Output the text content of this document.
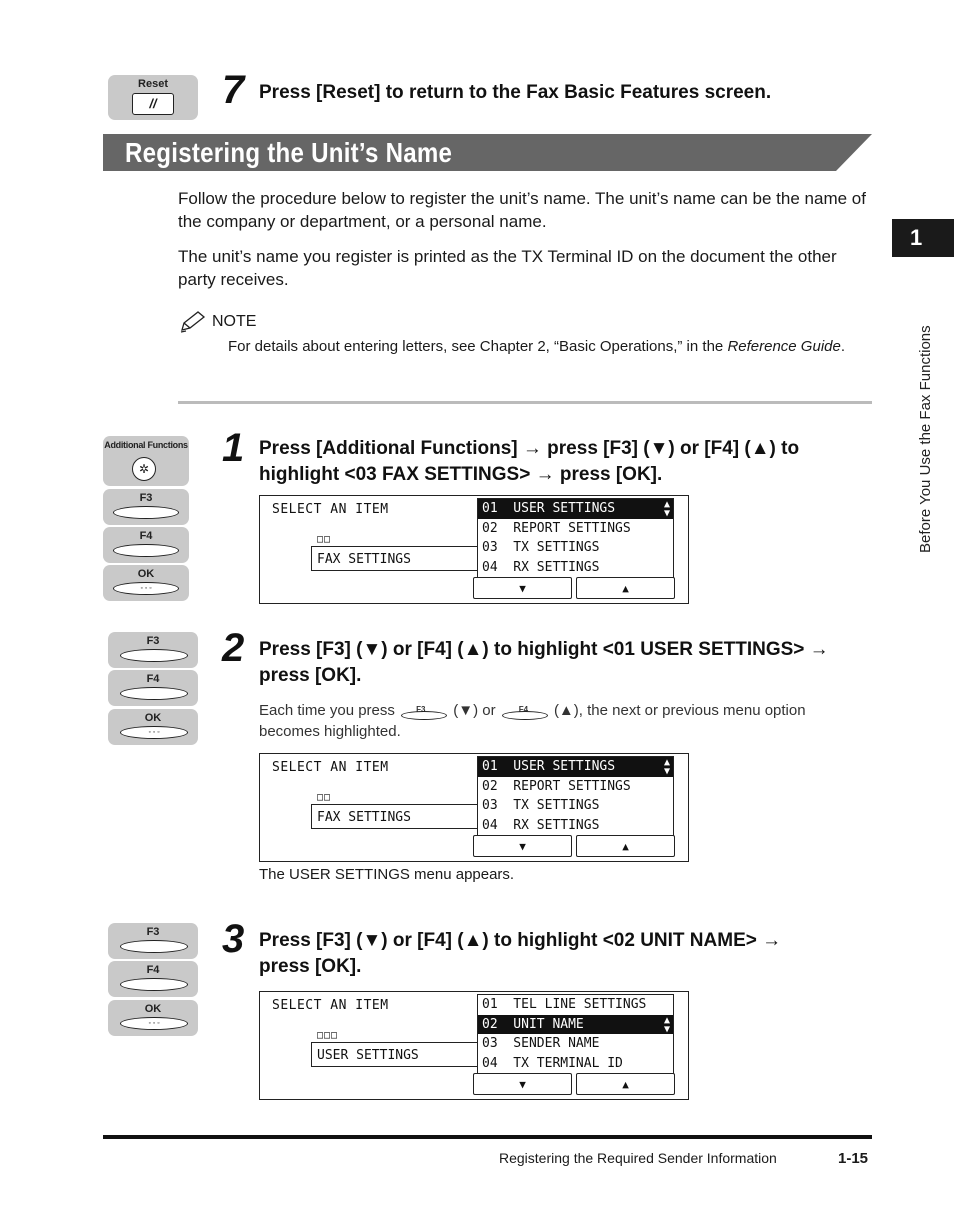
Reset
//	7 Press [Reset] to return to the Fax Basic Features screen.
Registering the Unit’s Name
Follow the procedure below to register the unit’s name. The unit’s name can be the name of the company or department, or a personal name.
The unit’s name you register is printed as the TX Terminal ID on the document the other party receives.
NOTE
For details about entering letters, see Chapter 2, “Basic Operations,” in the Reference Guide.
1
Before You Use the Fax Functions
Additional Functions
✲
F3
F4
OK
◦ ◦ ◦
1 Press [Additional Functions] → press [F3] (▼) or [F4] (▲) to
highlight <03 FAX SETTINGS> → press [OK].
SELECT AN ITEM
□□
FAX SETTINGS
01  USER SETTINGS	▲
▼
02  REPORT SETTINGS
03  TX SETTINGS
04  RX SETTINGS
▼	▲
F3
F4
OK
◦ ◦ ◦
2 Press [F3] (▼) or [F4] (▲) to highlight <01 USER SETTINGS> →
press [OK].
Each time you press	F3 (▼) or	F4 (▲), the next or previous menu option
becomes highlighted.
SELECT AN ITEM
□□
FAX SETTINGS
01  USER SETTINGS	▲
▼
02  REPORT SETTINGS
03  TX SETTINGS
04  RX SETTINGS
▼	▲
The USER SETTINGS menu appears.
F3
F4
OK
◦ ◦ ◦
3 Press [F3] (▼) or [F4] (▲) to highlight <02 UNIT NAME> →
press [OK].
SELECT AN ITEM
□□□
USER SETTINGS
01  TEL LINE SETTINGS
02  UNIT NAME	▲
▼
03  SENDER NAME
04  TX TERMINAL ID
▼	▲
Registering the Required Sender Information	1-15
